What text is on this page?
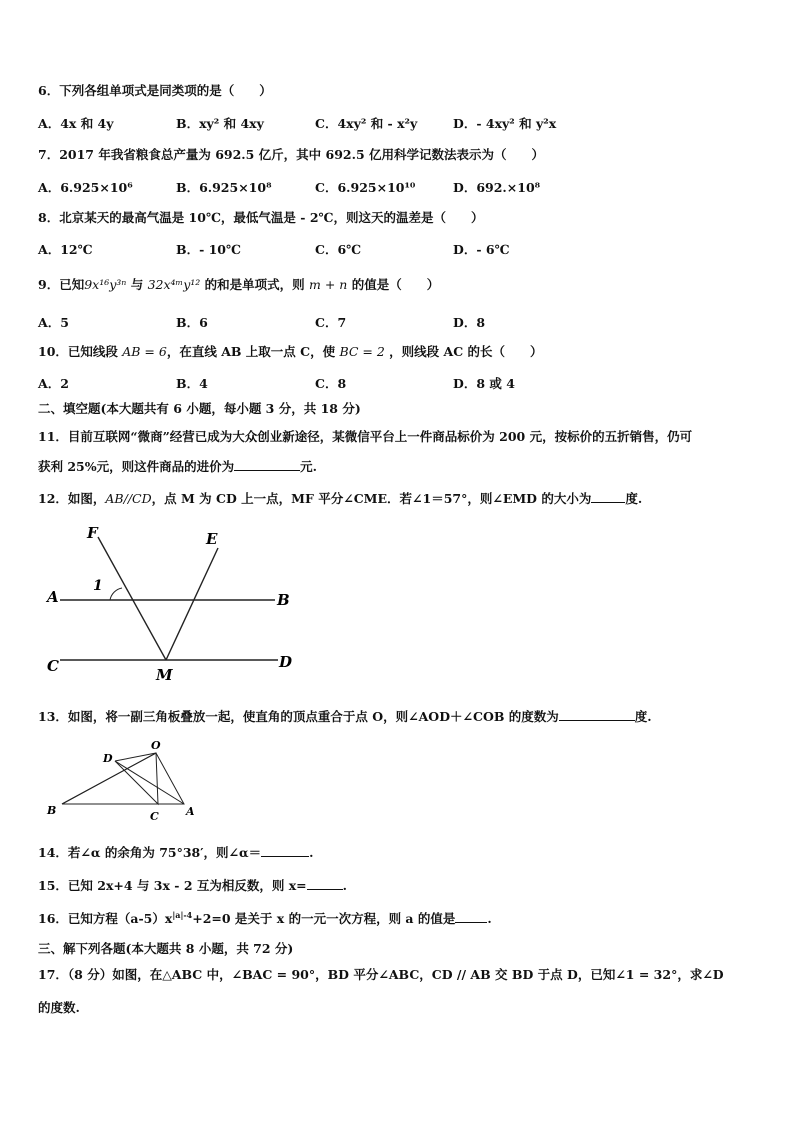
6．下列各组单项式是同类项的是（　　）
A．4x 和 4y	B．xy² 和 4xy	C．4xy² 和 - x²y	D．- 4xy² 和 y²x
7．2017 年我省粮食总产量为 692.5 亿斤，其中 692.5 亿用科学记数法表示为（　　）
A．6.925×10⁶	B．6.925×10⁸	C．6.925×10¹⁰	D．692.×10⁸
8．北京某天的最高气温是 10℃，最低气温是 - 2℃，则这天的温差是（　　）
A．12℃	B．- 10℃	C．6℃	D．- 6℃
9．已知9x¹⁶y³ⁿ 与 32x⁴ᵐy¹² 的和是单项式，则 m + n 的值是（　　）
A．5	B．6	C．7	D．8
10．已知线段 AB = 6，在直线 AB 上取一点 C，使 BC = 2 ，则线段 AC 的长（　　）
A．2	B．4	C．8	D．8 或 4
二、填空题(本大题共有 6 小题，每小题 3 分，共 18 分)
11．目前互联网“微商”经营已成为大众创业新途径，某微信平台上一件商品标价为 200 元，按标价的五折销售，仍可
获利 25%元，则这件商品的进价为	元.
12．如图，AB//CD，点 M 为 CD 上一点，MF 平分∠CME．若∠1＝57°，则∠EMD 的大小为	度.
F	E
A	B
C	D
M
1
13．如图，将一副三角板叠放一起，使直角的顶点重合于点 O，则∠AOD＋∠COB 的度数为	度.
O
D
B	C A
14．若∠α 的余角为 75°38′，则∠α＝	.
15．已知 2x+4 与 3x - 2 互为相反数，则 x=	.
16．已知方程$(a-5)x^{|a|-4}+2=0$ 是关于 x 的一元一次方程，则 a 的值是	.
三、解下列各题(本大题共 8 小题，共 72 分)
17．（8 分）如图，在△ABC 中，∠BAC = 90°，BD 平分∠ABC，CD // AB 交 BD 于点 D，已知∠1 = 32°，求∠D
的度数.
